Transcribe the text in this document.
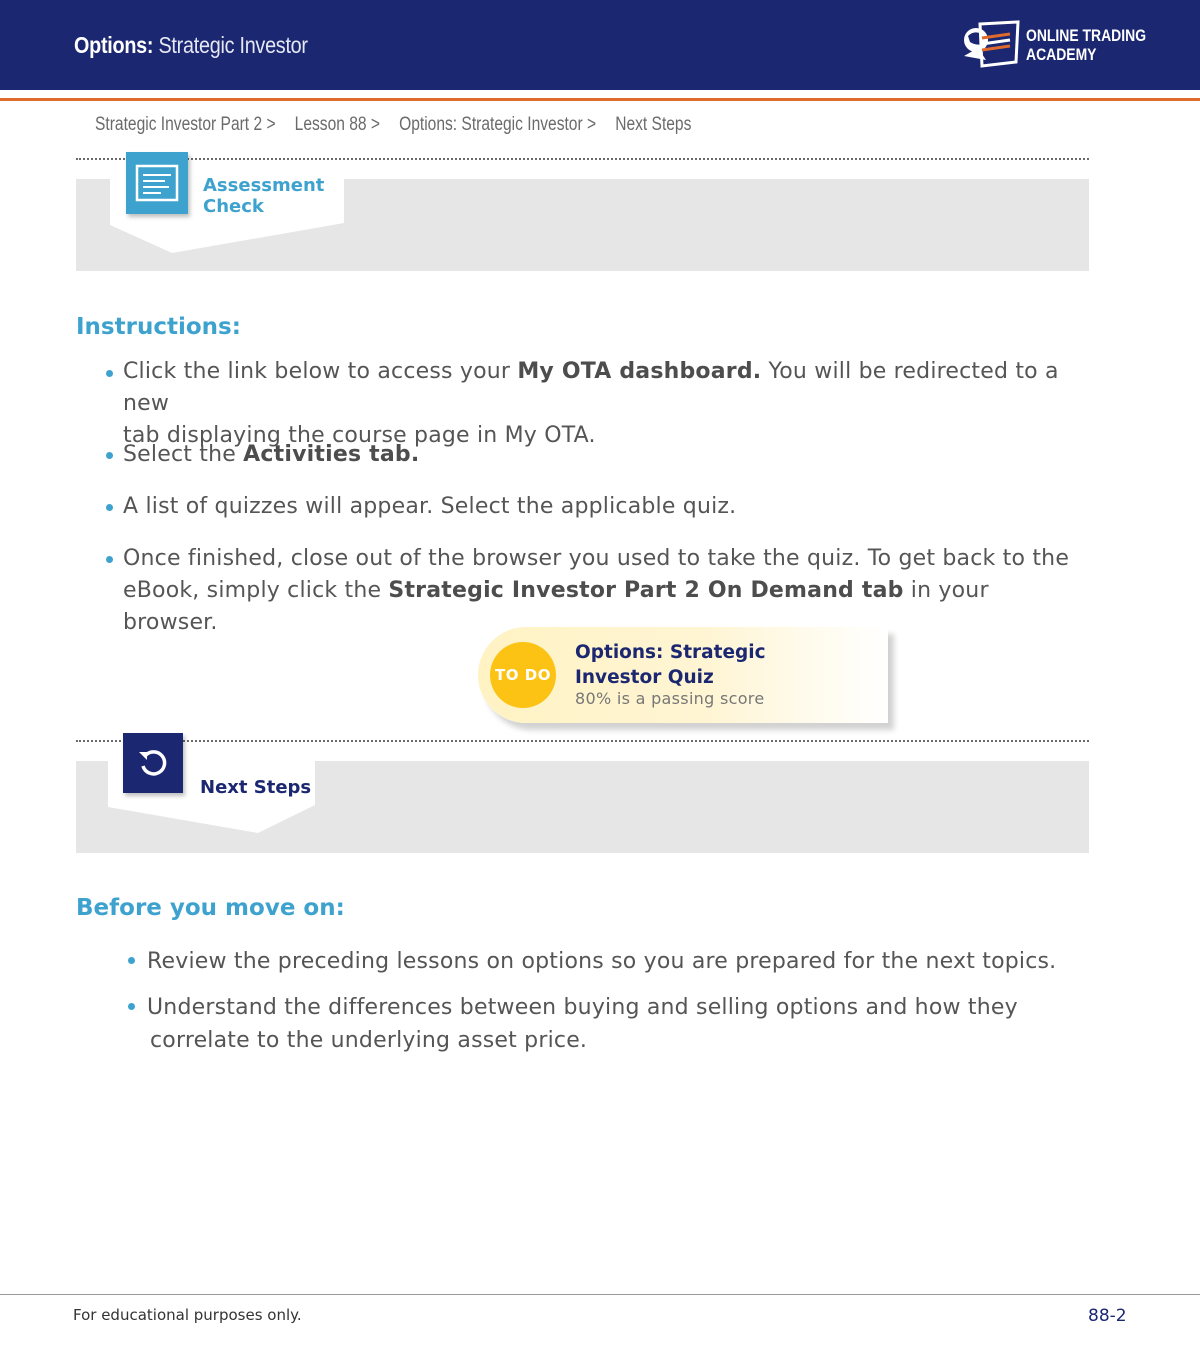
Options: Strategic Investor	ONLINE TRADING
ACADEMY
Strategic Investor Part 2 > Lesson 88 > Options: Strategic Investor > Next Steps
Assessment
Check
Instructions:
Click the link below to access your My OTA dashboard. You will be redirected to a new
tab displaying the course page in My OTA.
Select the Activities tab.
A list of quizzes will appear. Select the applicable quiz.
Once finished, close out of the browser you used to take the quiz. To get back to the
eBook, simply click the Strategic Investor Part 2 On Demand tab in your browser.
TO DO
Options: Strategic
Investor Quiz
80% is a passing score
Next Steps
Before you move on:
Review the preceding lessons on options so you are prepared for the next topics.
Understand the differences between buying and selling options and how they
correlate to the underlying asset price.
For educational purposes only.	88-2
